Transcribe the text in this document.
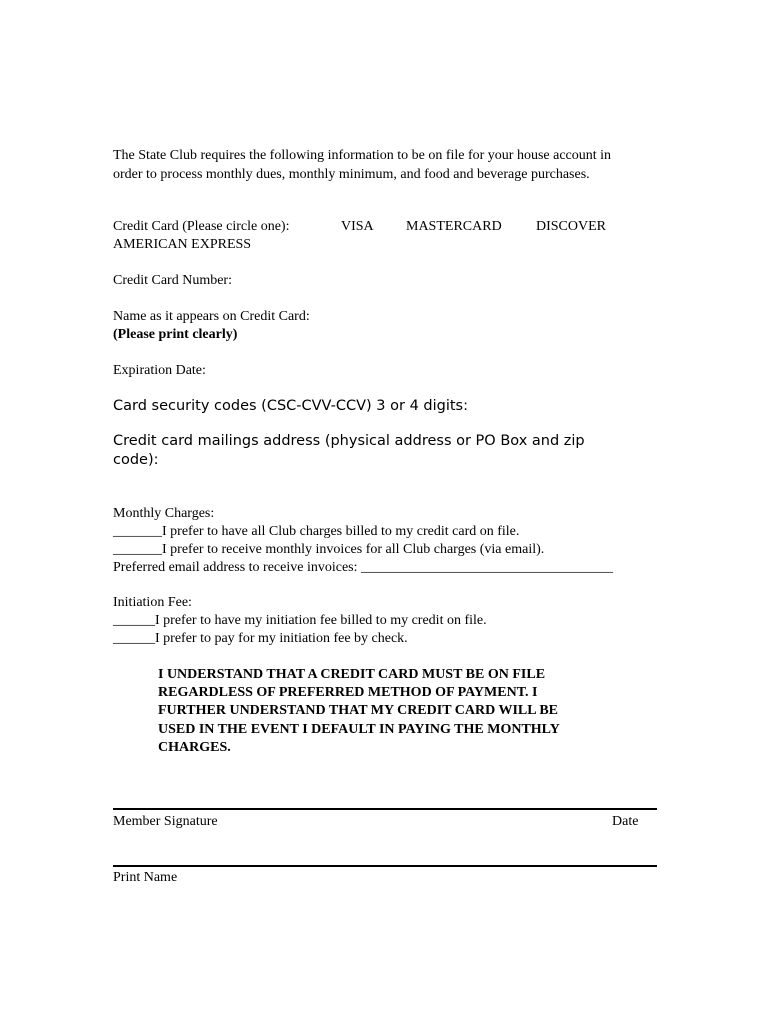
The State Club requires the following information to be on file for your house account in
order to process monthly dues, monthly minimum, and food and beverage purchases.
Credit Card (Please circle one):	VISA MASTERCARD DISCOVER
AMERICAN EXPRESS
Credit Card Number:
Name as it appears on Credit Card:
(Please print clearly)
Expiration Date:
Card security codes (CSC-CVV-CCV) 3 or 4 digits:
Credit card mailings address (physical address or PO Box and zip
code):
Monthly Charges:
_______I prefer to have all Club charges billed to my credit card on file.
_______I prefer to receive monthly invoices for all Club charges (via email).
Preferred email address to receive invoices: ____________________________________
Initiation Fee:
______I prefer to have my initiation fee billed to my credit on file.
______I prefer to pay for my initiation fee by check.
I UNDERSTAND THAT A CREDIT CARD MUST BE ON FILE
REGARDLESS OF PREFERRED METHOD OF PAYMENT. I
FURTHER UNDERSTAND THAT MY CREDIT CARD WILL BE
USED IN THE EVENT I DEFAULT IN PAYING THE MONTHLY
CHARGES.
Member Signature	Date
Print Name
